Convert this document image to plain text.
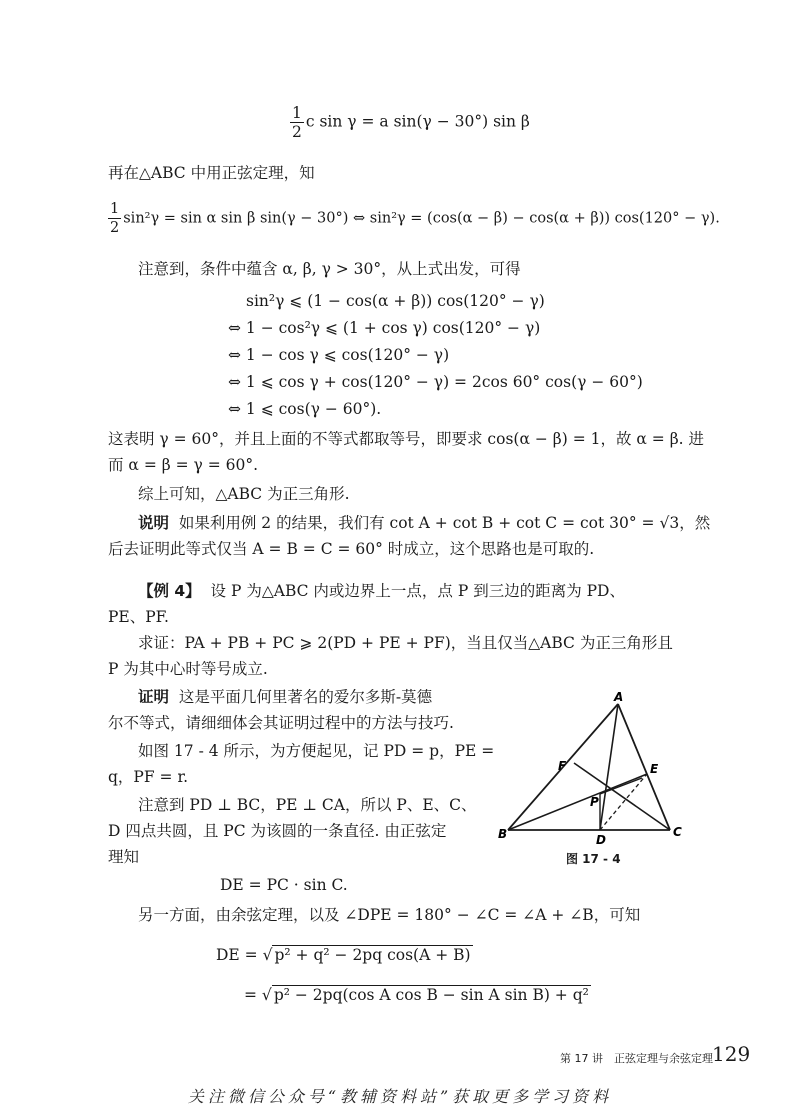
$\frac{1}{2}$ c sin γ = a sin(γ − 30°) sin β
再在△ABC 中用正弦定理，知
$\frac{1}{2} \sin^2\gamma = \sin \alpha$ sin β sin(γ − 30°) ⇔ sin²γ = (cos(α − β) − cos(α + β)) cos(120° − γ).
注意到，条件中蕴含 α, β, γ > 30°，从上式出发，可得
sin²γ ⩽ (1 − cos(α + β)) cos(120° − γ)
⇔ 1 − cos²γ ⩽ (1 + cos γ) cos(120° − γ)
⇔ 1 − cos γ ⩽ cos(120° − γ)
⇔ 1 ⩽ cos γ + cos(120° − γ) = 2cos 60° cos(γ − 60°)
⇔ 1 ⩽ cos(γ − 60°).
这表明 γ = 60°，并且上面的不等式都取等号，即要求 cos(α − β) = 1，故 α = β. 进
而 α = β = γ = 60°.
综上可知，△ABC 为正三角形.
说明 如果利用例 2 的结果，我们有 cot A + cot B + cot C = cot 30° = √3，然
后去证明此等式仅当 A = B = C = 60° 时成立，这个思路也是可取的.
【例 4】 设 P 为△ABC 内或边界上一点，点 P 到三边的距离为 PD、
PE、PF.
求证：PA + PB + PC ⩾ 2(PD + PE + PF)，当且仅当△ABC 为正三角形且
P 为其中心时等号成立.
证明 这是平面几何里著名的爱尔多斯-莫德
尔不等式，请细细体会其证明过程中的方法与技巧.
如图 17 - 4 所示，为方便起见，记 PD = p，PE =
q，PF = r.
注意到 PD ⊥ BC，PE ⊥ CA，所以 P、E、C、
D 四点共圆，且 PC 为该圆的一条直径. 由正弦定
理知
DE = PC · sin C.
另一方面，由余弦定理，以及 ∠DPE = 180° − ∠C = ∠A + ∠B，可知
DE = √ p² + q² − 2pq cos(A + B)
= √ p² − 2pq(cos A cos B − sin A sin B) + q²
A
B	C
D
E
F
P
图 17 - 4
第 17 讲　正弦定理与余弦定理 129
关注微信公众号“教辅资料站”获取更多学习资料
